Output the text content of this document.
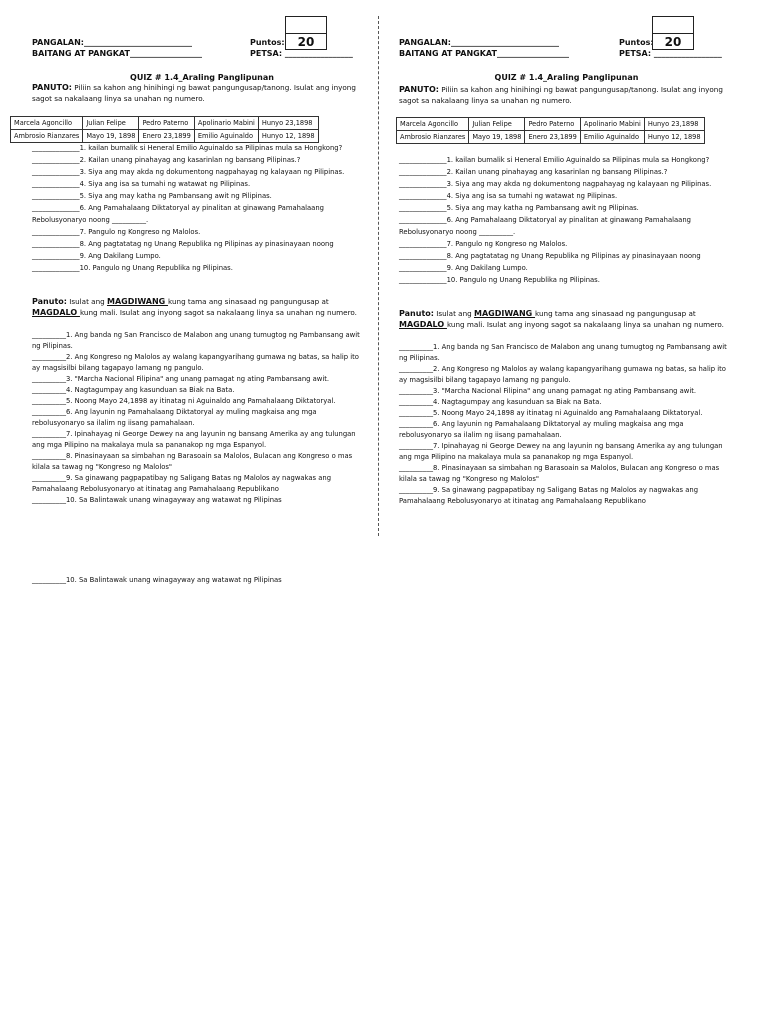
PANGALAN:___________________________
BAITANG AT PANGKAT__________________
Puntos:
PETSA: _________________
20
QUIZ # 1.4_Araling Panglipunan
PANUTO: Piliin sa kahon ang hinihingi ng bawat pangungusap/tanong. Isulat ang inyong sagot sa nakalaang linya sa unahan ng numero.
Marcela Agoncillo	Julian Felipe	Pedro Paterno	Apolinario Mabini	Hunyo 23,1898
Ambrosio Rianzares	Mayo 19, 1898	Enero 23,1899	Emilio Aguinaldo	Hunyo 12, 1898
______________1. kailan bumalik si Heneral Emilio Aguinaldo sa Pilipinas mula sa Hongkong?
______________2. Kailan unang pinahayag ang kasarinlan ng bansang Pilipinas.?
______________3. Siya ang may akda ng dokumentong nagpahayag ng kalayaan ng Pilipinas.
______________4. Siya ang isa sa tumahi ng watawat ng Pilipinas.
______________5. Siya ang may katha ng Pambansang awit ng Pilipinas.
______________6. Ang Pamahalaang Diktatoryal ay pinalitan at ginawang Pamahalaang Rebolusyonaryo noong __________.
______________7. Pangulo ng Kongreso ng Malolos.
______________8. Ang pagtatatag ng Unang Republika ng Pilipinas ay pinasinayaan noong
______________9. Ang Dakilang Lumpo.
______________10. Pangulo ng Unang Republika ng Pilipinas.
Panuto: Isulat ang MAGDIWANG kung tama ang sinasaad ng pangungusap at MAGDALO kung mali. Isulat ang inyong sagot sa nakalaang linya sa unahan ng numero.
__________1. Ang banda ng San Francisco de Malabon ang unang tumugtog ng Pambansang awit ng Pilipinas.
__________2. Ang Kongreso ng Malolos ay walang kapangyarihang gumawa ng batas, sa halip ito ay magsisilbi bilang tagapayo lamang ng pangulo.
__________3. "Marcha Nacional Filipina" ang unang pamagat ng ating Pambansang awit.
__________4. Nagtagumpay ang kasunduan sa Biak na Bata.
__________5. Noong Mayo 24,1898 ay itinatag ni Aguinaldo ang Pamahalaang Diktatoryal.
__________6. Ang layunin ng Pamahalaang Diktatoryal ay muling magkaisa ang mga rebolusyonaryo sa ilalim ng iisang pamahalaan.
__________7. Ipinahayag ni George Dewey na ang layunin ng bansang Amerika ay ang tulungan ang mga Pilipino na makalaya mula sa pananakop ng mga Espanyol.
__________8. Pinasinayaan sa simbahan ng Barasoain sa Malolos, Bulacan ang Kongreso o mas kilala sa tawag ng "Kongreso ng Malolos"
__________9. Sa ginawang pagpapatibay ng Saligang Batas ng Malolos ay nagwakas ang Pamahalaang Rebolusyonaryo at itinatag ang Pamahalaang Republikano
__________10. Sa Balintawak unang winagayway ang watawat ng Pilipinas
PANGALAN:___________________________
BAITANG AT PANGKAT__________________
Puntos:
PETSA: _________________
20
QUIZ # 1.4_Araling Panglipunan
PANUTO: Piliin sa kahon ang hinihingi ng bawat pangungusap/tanong. Isulat ang inyong sagot sa nakalaang linya sa unahan ng numero.
Marcela Agoncillo	Julian Felipe	Pedro Paterno	Apolinario Mabini	Hunyo 23,1898
Ambrosio Rianzares	Mayo 19, 1898	Enero 23,1899	Emilio Aguinaldo	Hunyo 12, 1898
______________1. kailan bumalik si Heneral Emilio Aguinaldo sa Pilipinas mula sa Hongkong?
______________2. Kailan unang pinahayag ang kasarinlan ng bansang Pilipinas.?
______________3. Siya ang may akda ng dokumentong nagpahayag ng kalayaan ng Pilipinas.
______________4. Siya ang isa sa tumahi ng watawat ng Pilipinas.
______________5. Siya ang may katha ng Pambansang awit ng Pilipinas.
______________6. Ang Pamahalaang Diktatoryal ay pinalitan at ginawang Pamahalaang Rebolusyonaryo noong __________.
______________7. Pangulo ng Kongreso ng Malolos.
______________8. Ang pagtatatag ng Unang Republika ng Pilipinas ay pinasinayaan noong
______________9. Ang Dakilang Lumpo.
______________10. Pangulo ng Unang Republika ng Pilipinas.
Panuto: Isulat ang MAGDIWANG kung tama ang sinasaad ng pangungusap at MAGDALO kung mali. Isulat ang inyong sagot sa nakalaang linya sa unahan ng numero.
__________1. Ang banda ng San Francisco de Malabon ang unang tumugtog ng Pambansang awit ng Pilipinas.
__________2. Ang Kongreso ng Malolos ay walang kapangyarihang gumawa ng batas, sa halip ito ay magsisilbi bilang tagapayo lamang ng pangulo.
__________3. "Marcha Nacional Filipina" ang unang pamagat ng ating Pambansang awit.
__________4. Nagtagumpay ang kasunduan sa Biak na Bata.
__________5. Noong Mayo 24,1898 ay itinatag ni Aguinaldo ang Pamahalaang Diktatoryal.
__________6. Ang layunin ng Pamahalaang Diktatoryal ay muling magkaisa ang mga rebolusyonaryo sa ilalim ng iisang pamahalaan.
__________7. Ipinahayag ni George Dewey na ang layunin ng bansang Amerika ay ang tulungan ang mga Pilipino na makalaya mula sa pananakop ng mga Espanyol.
__________8. Pinasinayaan sa simbahan ng Barasoain sa Malolos, Bulacan ang Kongreso o mas kilala sa tawag ng "Kongreso ng Malolos"
__________9. Sa ginawang pagpapatibay ng Saligang Batas ng Malolos ay nagwakas ang Pamahalaang Rebolusyonaryo at itinatag ang Pamahalaang Republikano
__________10. Sa Balintawak unang winagayway ang watawat ng Pilipinas
